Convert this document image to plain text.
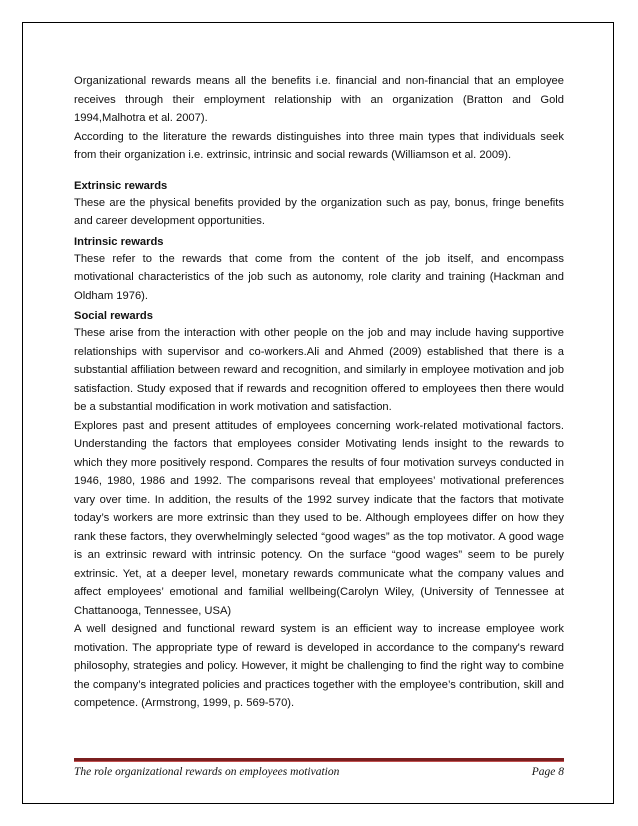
Organizational rewards means all the benefits i.e. financial and non-financial that an employee receives through their employment relationship with an organization (Bratton and Gold 1994,Malhotra et al. 2007).

According to the literature the rewards distinguishes into three main types that individuals seek from their organization i.e. extrinsic, intrinsic and social rewards (Williamson et al. 2009).

Extrinsic rewards

These are the physical benefits provided by the organization such as pay, bonus, fringe benefits and career development opportunities.

Intrinsic rewards

These refer to the rewards that come from the content of the job itself, and encompass motivational characteristics of the job such as autonomy, role clarity and training (Hackman and Oldham 1976).

Social rewards

These arise from the interaction with other people on the job and may include having supportive relationships with supervisor and co-workers.Ali and Ahmed (2009) established that there is a substantial affiliation between reward and recognition, and similarly in employee motivation and job satisfaction. Study exposed that if rewards and recognition offered to employees then there would be a substantial modification in work motivation and satisfaction.

Explores past and present attitudes of employees concerning work-related motivational factors. Understanding the factors that employees consider Motivating lends insight to the rewards to which they more positively respond. Compares the results of four motivation surveys conducted in 1946, 1980, 1986 and 1992. The comparisons reveal that employees’ motivational preferences vary over time. In addition, the results of the 1992 survey indicate that the factors that motivate today’s workers are more extrinsic than they used to be. Although employees differ on how they rank these factors, they overwhelmingly selected “good wages” as the top motivator. A good wage is an extrinsic reward with intrinsic potency. On the surface “good wages” seem to be purely extrinsic. Yet, at a deeper level, monetary rewards communicate what the company values and affect employees’ emotional and familial wellbeing(Carolyn Wiley, (University of Tennessee at Chattanooga, Tennessee, USA)

A well designed and functional reward system is an efficient way to increase employee work motivation. The appropriate type of reward is developed in accordance to the company's reward philosophy, strategies and policy. However, it might be challenging to find the right way to combine the company’s integrated policies and practices together with the employee’s contribution, skill and competence. (Armstrong, 1999, p. 569-570).

The role organizational rewards on employees motivation	Page 8
